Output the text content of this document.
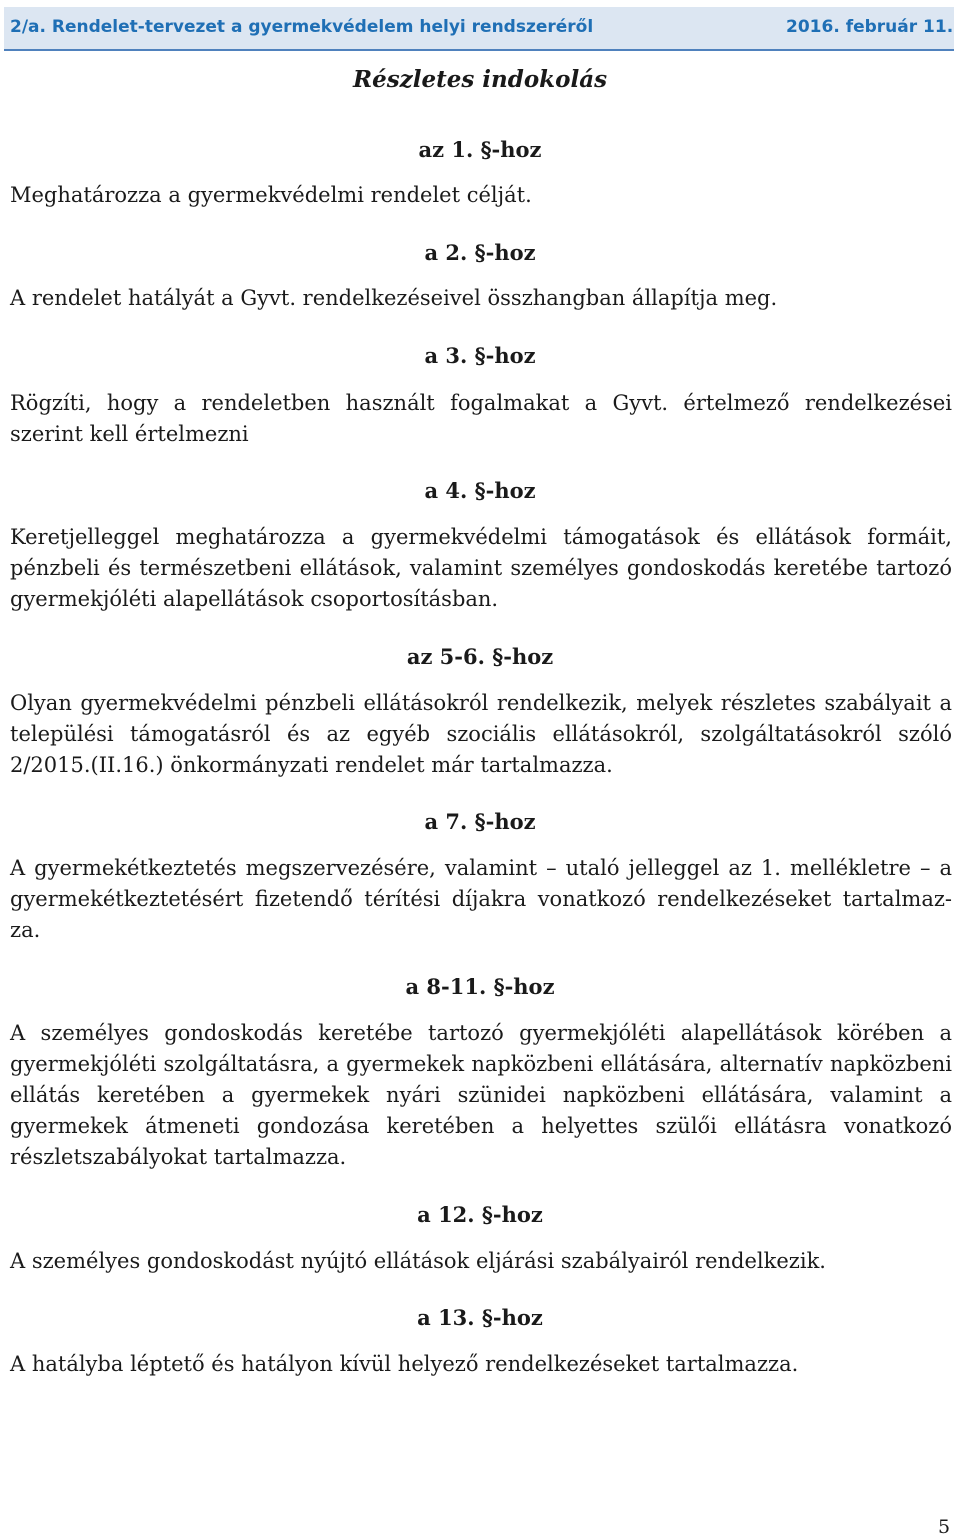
2/a. Rendelet-tervezet a gyermekvédelem helyi rendszeréről	2016. február 11.
Részletes indokolás
az 1. §-hoz
Meghatározza a gyermekvédelmi rendelet célját.
a 2. §-hoz
A rendelet hatályát a Gyvt. rendelkezéseivel összhangban állapítja meg.
a 3. §-hoz
Rögzíti, hogy a rendeletben használt fogalmakat a Gyvt. értelmező rendelkezései szerint kell értelmezni
a 4. §-hoz
Keretjelleggel meghatározza a gyermekvédelmi támogatások és ellátások formáit, pénzbeli és természetbeni ellátások, valamint személyes gondoskodás keretébe tartozó gyermekjóléti alapellátások csoportosításban.
az 5-6. §-hoz
Olyan gyermekvédelmi pénzbeli ellátásokról rendelkezik, melyek részletes szabályait a települési támogatásról és az egyéb szociális ellátásokról, szolgáltatásokról szóló 2/2015.(II.16.) önkormányzati rendelet már tartalmazza.
a 7. §-hoz
A gyermekétkeztetés megszervezésére, valamint – utaló jelleggel az 1. mellékletre – a gyermekétkeztetésért fizetendő térítési díjakra vonatkozó rendelkezéseket tartalmaz-za.
a 8-11. §-hoz
A személyes gondoskodás keretébe tartozó gyermekjóléti alapellátások körében a gyermekjóléti szolgáltatásra, a gyermekek napközbeni ellátására, alternatív napközbeni ellátás keretében a gyermekek nyári szünidei napközbeni ellátására, valamint a gyermekek átmeneti gondozása keretében a helyettes szülői ellátásra vonatkozó részletszabályokat tartalmazza.
a 12. §-hoz
A személyes gondoskodást nyújtó ellátások eljárási szabályairól rendelkezik.
a 13. §-hoz
A hatályba léptető és hatályon kívül helyező rendelkezéseket tartalmazza.
5
